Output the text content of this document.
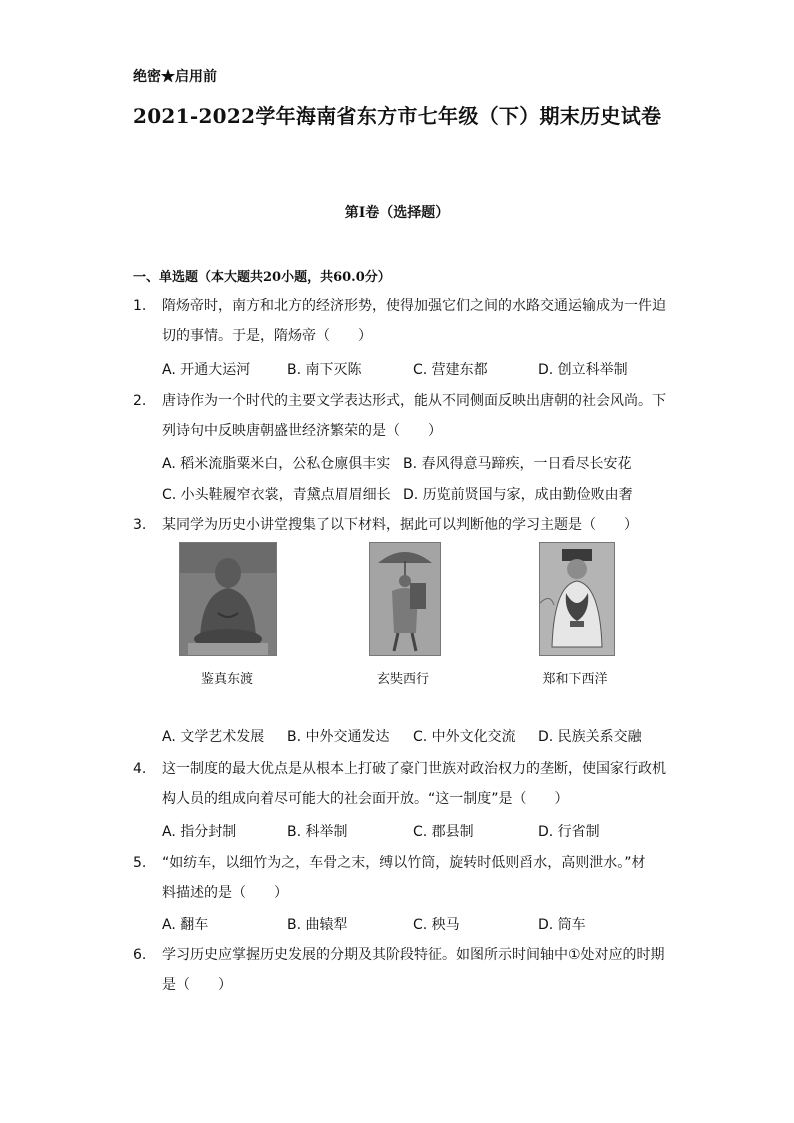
绝密★启用前
2021-2022学年海南省东方市七年级（下）期末历史试卷
第I卷（选择题）
一、单选题（本大题共20小题，共60.0分）
1.	隋炀帝时，南方和北方的经济形势，使得加强它们之间的水路交通运输成为一件迫
切的事情。于是，隋炀帝（　　）
A. 开通大运河	B. 南下灭陈	C. 营建东都	D. 创立科举制
2.	唐诗作为一个时代的主要文学表达形式，能从不同侧面反映出唐朝的社会风尚。下
列诗句中反映唐朝盛世经济繁荣的是（　　）
A. 稻米流脂粟米白，公私仓廪俱丰实 B. 春风得意马蹄疾，一日看尽长安花
C. 小头鞋履窄衣裳，青黛点眉眉细长 D. 历览前贤国与家，成由勤俭败由奢
3.	某同学为历史小讲堂搜集了以下材料，据此可以判断他的学习主题是（　　）
鉴真东渡	玄奘西行	郑和下西洋
A. 文学艺术发展 B. 中外交通发达 C. 中外文化交流 D. 民族关系交融
4.	这一制度的最大优点是从根本上打破了豪门世族对政治权力的垄断，使国家行政机
构人员的组成向着尽可能大的社会面开放。“这一制度”是（　　）
A. 指分封制	B. 科举制	C. 郡县制	D. 行省制
5.	“如纺车，以细竹为之，车骨之末，缚以竹筒，旋转时低则舀水，高则泄水。”材
料描述的是（　　）
A. 翻车	B. 曲辕犁	C. 秧马	D. 筒车
6.	学习历史应掌握历史发展的分期及其阶段特征。如图所示时间轴中①处对应的时期
是（　　）
